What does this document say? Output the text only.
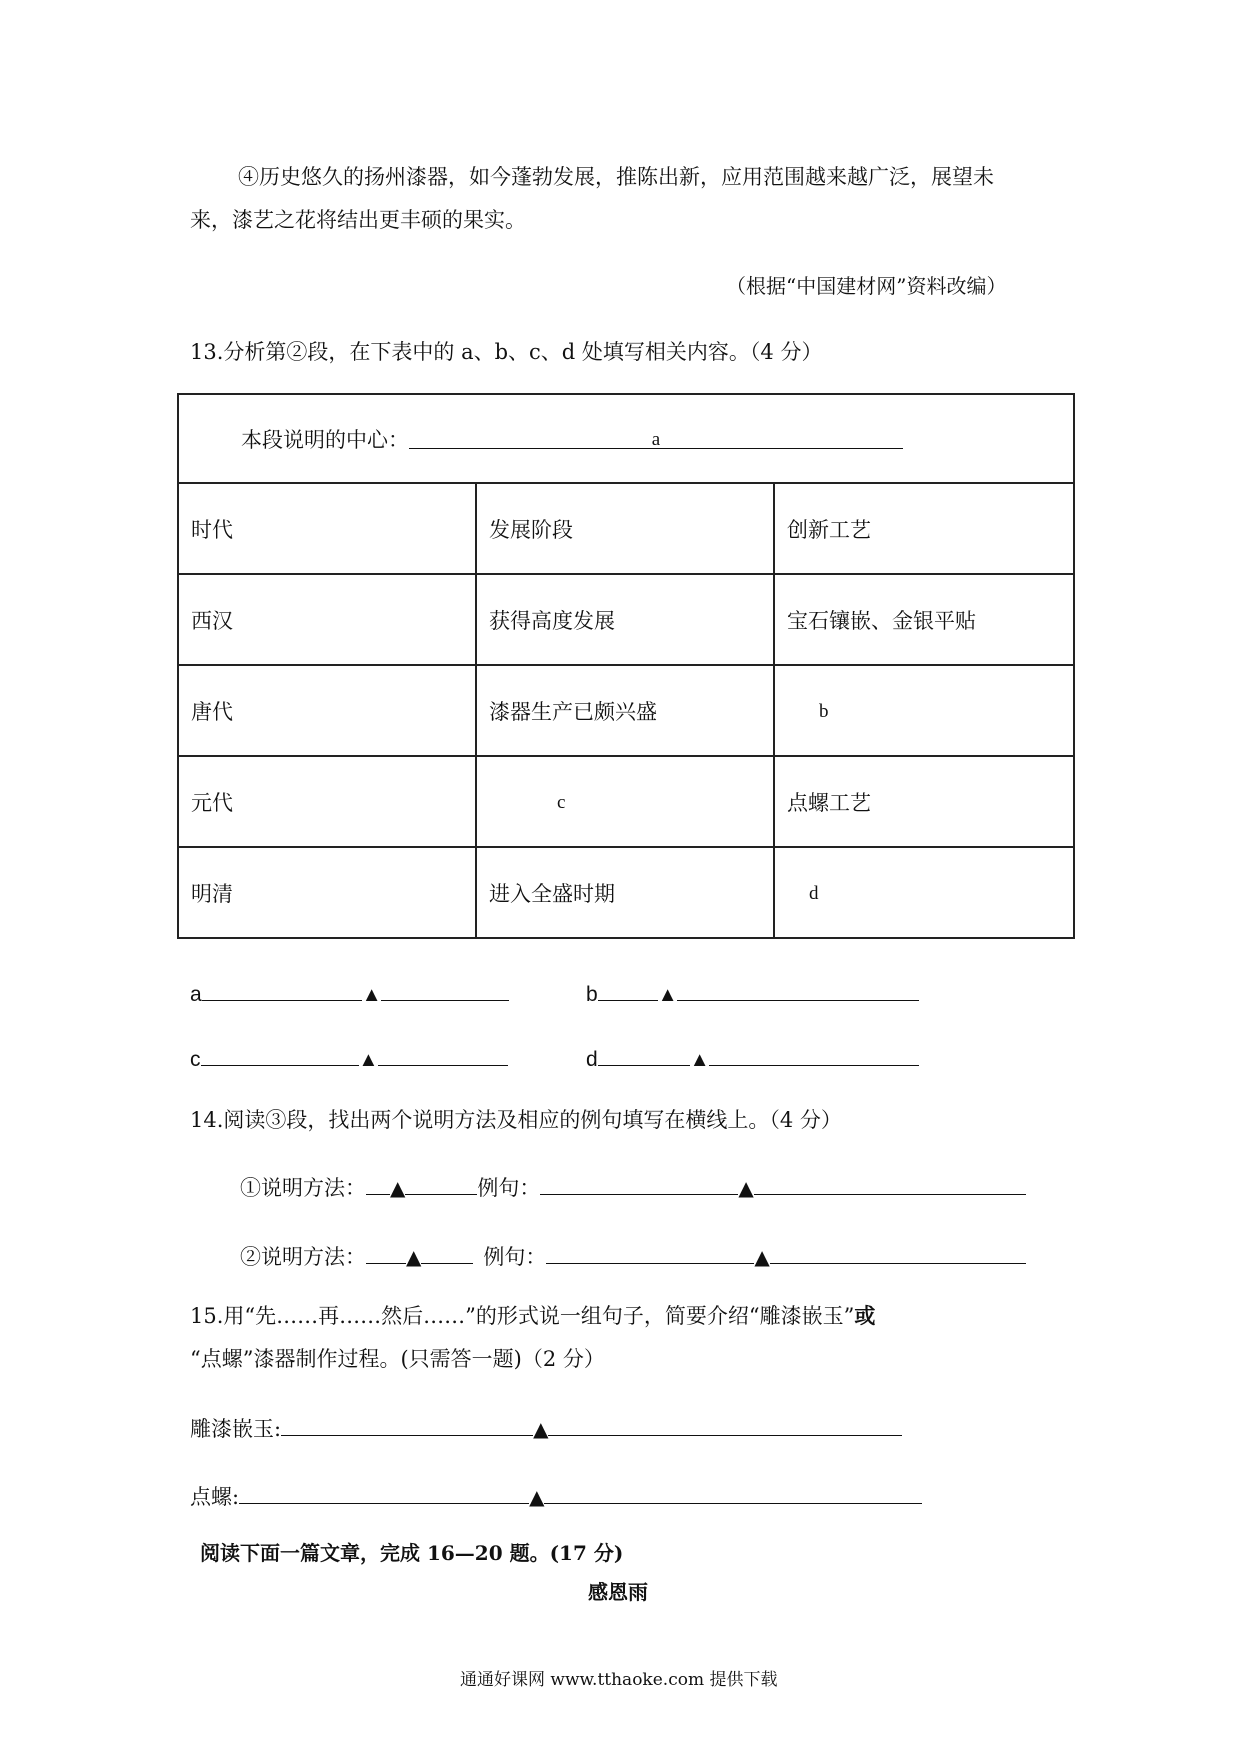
④历史悠久的扬州漆器，如今蓬勃发展，推陈出新，应用范围越来越广泛，展望未
来，漆艺之花将结出更丰硕的果实。
（根据“中国建材网”资料改编）
13.分析第②段，在下表中的 a、b、c、d 处填写相关内容。（4 分）
本段说明的中心： a		
时代	发展阶段	创新工艺
西汉	获得高度发展	宝石镶嵌、金银平贴
唐代	漆器生产已颇兴盛	b
元代	c	点螺工艺
明清	进入全盛时期	d
a	▲	b	▲
c	▲	d	▲
14.阅读③段，找出两个说明方法及相应的例句填写在横线上。（4 分）
①说明方法： ▲	例句：	▲
②说明方法： ▲	例句：	▲
15.用“先……再……然后……”的形式说一组句子，简要介绍“雕漆嵌玉”或
“点螺”漆器制作过程。(只需答一题)（2 分）
雕漆嵌玉:	▲
点螺:	▲
阅读下面一篇文章，完成 16—20 题。(17 分)
感恩雨
通通好课网 www.tthaoke.com 提供下载
